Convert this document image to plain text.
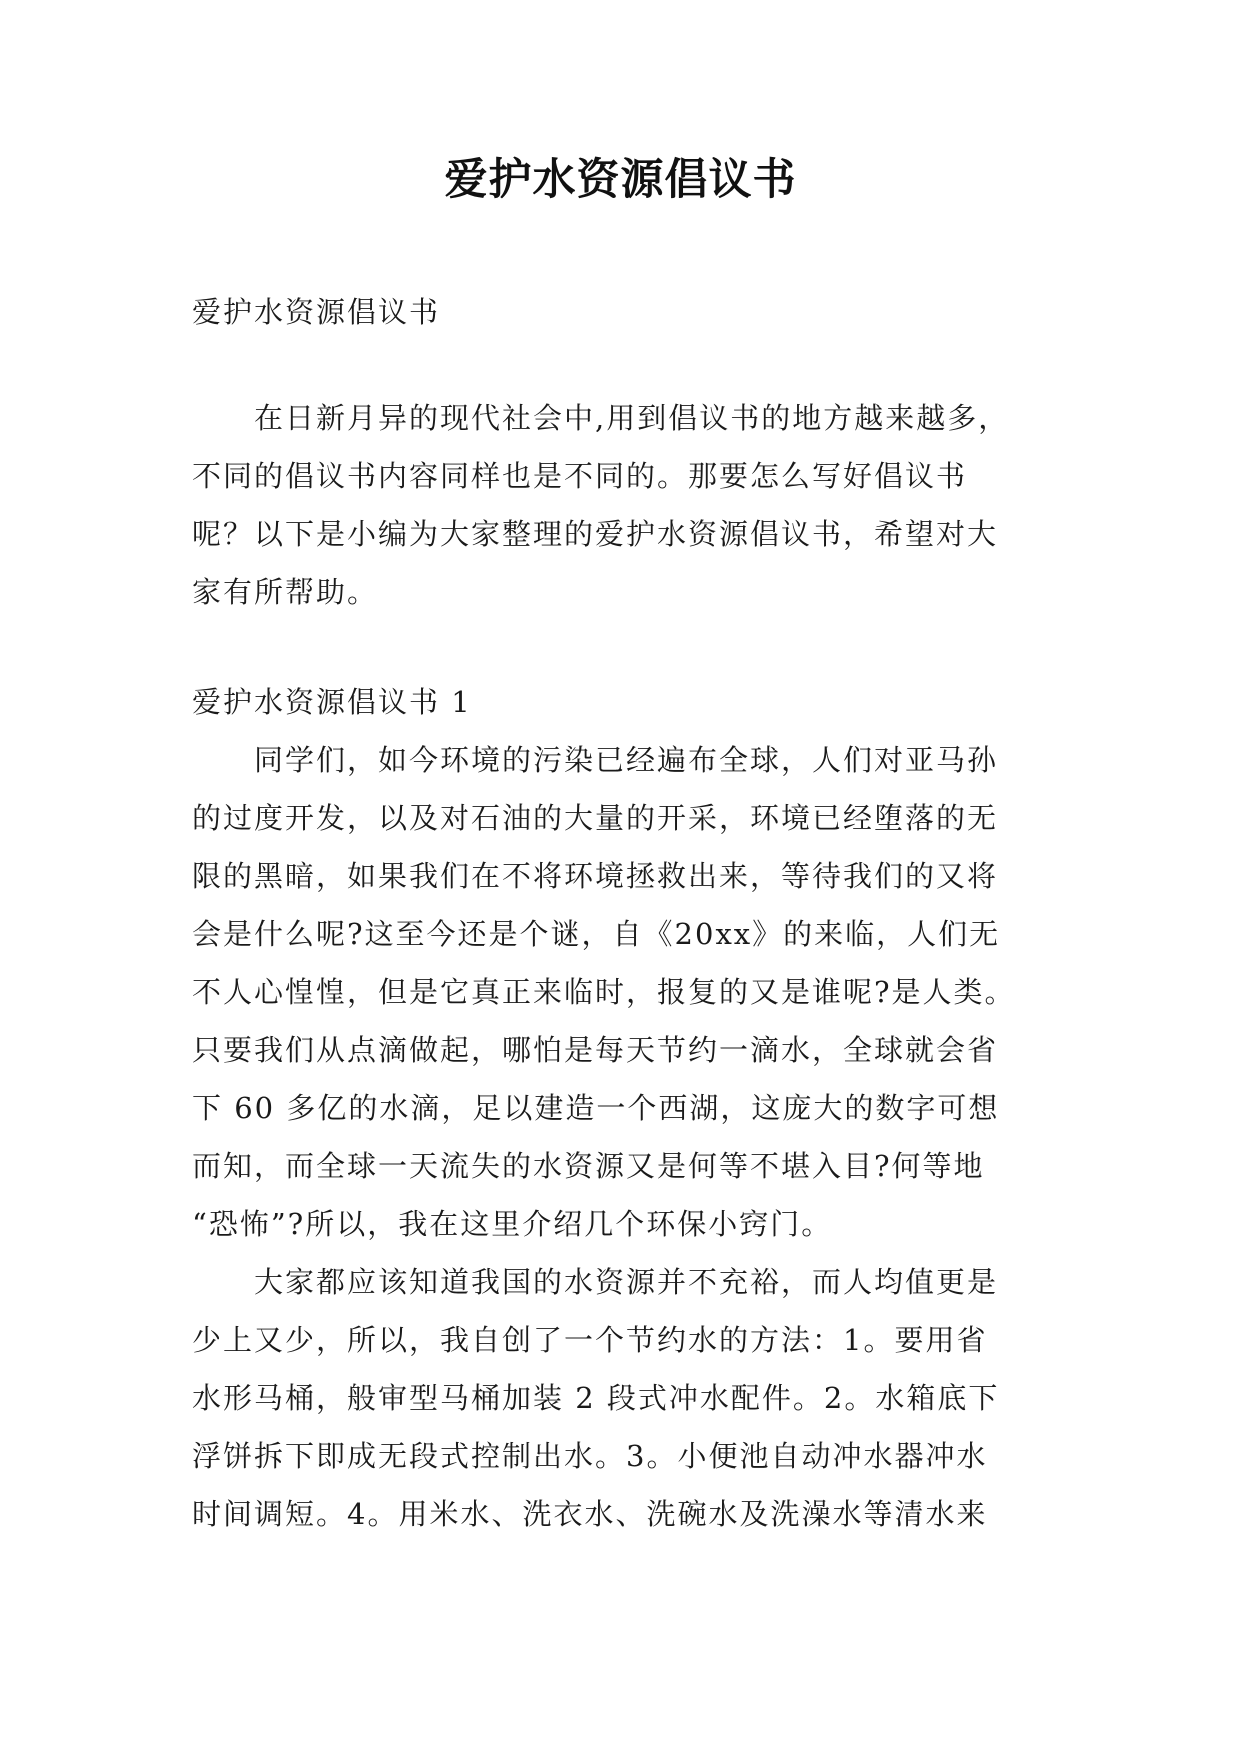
爱护水资源倡议书
爱护水资源倡议书
　　在日新月异的现代社会中,用到倡议书的地方越来越多，
不同的倡议书内容同样也是不同的。那要怎么写好倡议书
呢？以下是小编为大家整理的爱护水资源倡议书，希望对大
家有所帮助。
爱护水资源倡议书 1
　　同学们，如今环境的污染已经遍布全球，人们对亚马孙
的过度开发，以及对石油的大量的开采，环境已经堕落的无
限的黑暗，如果我们在不将环境拯救出来，等待我们的又将
会是什么呢?这至今还是个谜，自《20xx》的来临，人们无
不人心惶惶，但是它真正来临时，报复的又是谁呢?是人类。
只要我们从点滴做起，哪怕是每天节约一滴水，全球就会省
下 60 多亿的水滴，足以建造一个西湖，这庞大的数字可想
而知，而全球一天流失的水资源又是何等不堪入目?何等地
“恐怖”?所以，我在这里介绍几个环保小窍门。
　　大家都应该知道我国的水资源并不充裕，而人均值更是
少上又少，所以，我自创了一个节约水的方法：1。要用省
水形马桶，般审型马桶加装 2 段式冲水配件。2。水箱底下
浮饼拆下即成无段式控制出水。3。小便池自动冲水器冲水
时间调短。4。用米水、洗衣水、洗碗水及洗澡水等清水来
